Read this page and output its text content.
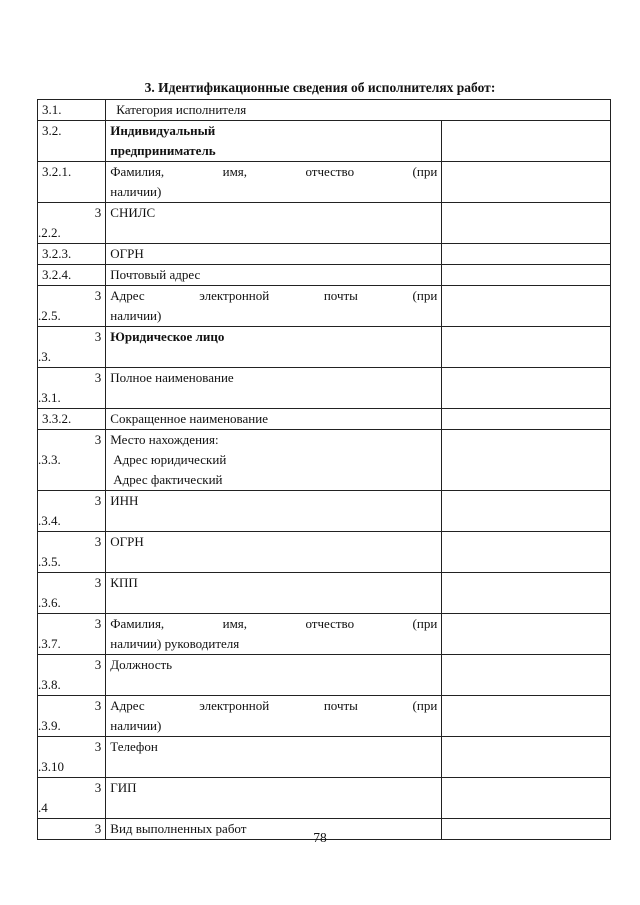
3. Идентификационные сведения об исполнителях работ:
3.1.	Категория исполнителя	
3.2.	Индивидуальный
предприниматель	
3.2.1.	Фамилия, имя, отчество (при
наличии)	

3
.2.2.	СНИЛС	
3.2.3.	ОГРН	
3.2.4.	Почтовый адрес	

3
.2.5.	Адрес электронной почты (при
наличии)	

3
.3.	Юридическое лицо	

3
.3.1.	Полное наименование	
3.3.2.	Сокращенное наименование	

3
.3.3.	Место нахождения:
Адрес юридический
Адрес фактический	

3
.3.4.	ИНН	

3
.3.5.	ОГРН	

3
.3.6.	КПП	

3
.3.7.	Фамилия, имя, отчество (при
наличии) руководителя	

3
.3.8.	Должность	

3
.3.9.	Адрес электронной почты (при
наличии)	

3
.3.10	Телефон	

3
.4	ГИП	

3	Вид выполненных работ	
78
